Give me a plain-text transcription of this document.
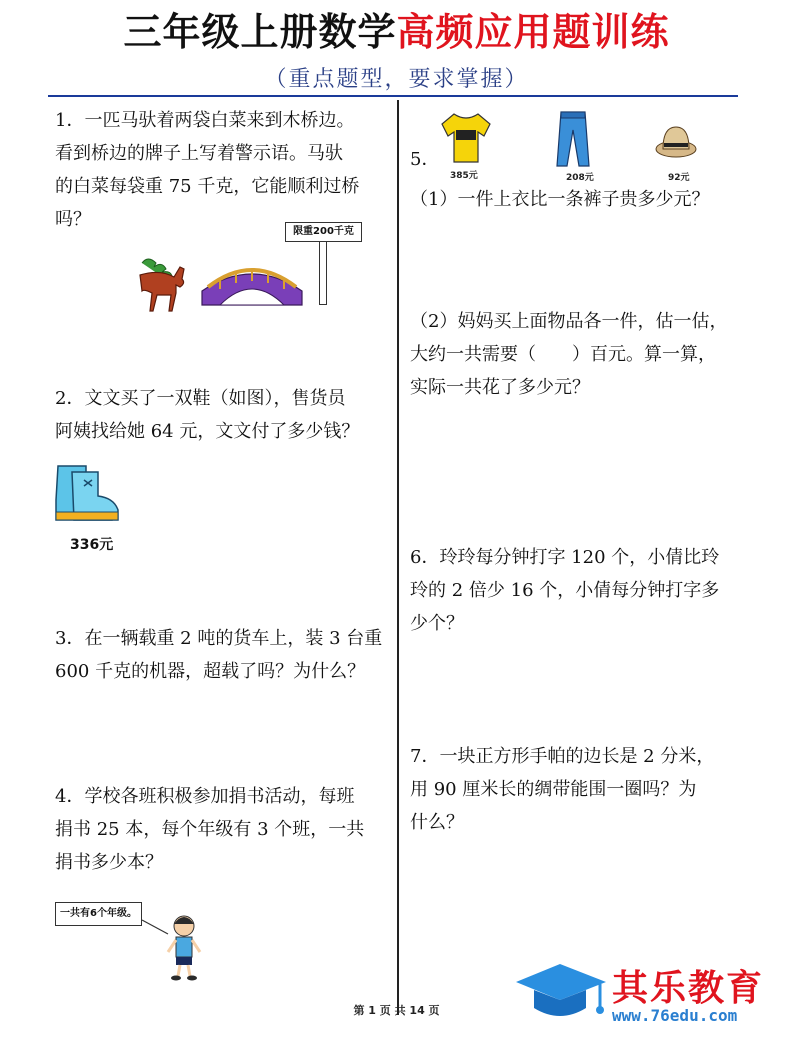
三年级上册数学高频应用题训练
（重点题型，要求掌握）
1．一匹马驮着两袋白菜来到木桥边。
看到桥边的牌子上写着警示语。马驮
的白菜每袋重 75 千克，它能顺利过桥
吗？
限重200千克
2．文文买了一双鞋（如图），售货员
阿姨找给她 64 元，文文付了多少钱？
336元
3．在一辆载重 2 吨的货车上，装 3 台重
600 千克的机器，超载了吗？为什么？
4．学校各班积极参加捐书活动，每班
捐书 25 本，每个年级有 3 个班，一共
捐书多少本？
一共有6个年级。
5．
385元	208元	92元
（1）一件上衣比一条裤子贵多少元？
（2）妈妈买上面物品各一件，估一估，
大约一共需要（　　）百元。算一算，
实际一共花了多少元？
6．玲玲每分钟打字 120 个，小倩比玲
玲的 2 倍少 16 个，小倩每分钟打字多
少个？
7．一块正方形手帕的边长是 2 分米，
用 90 厘米长的绸带能围一圈吗？为
什么？
第 1 页 共 14 页
其乐教育
www.76edu.com
